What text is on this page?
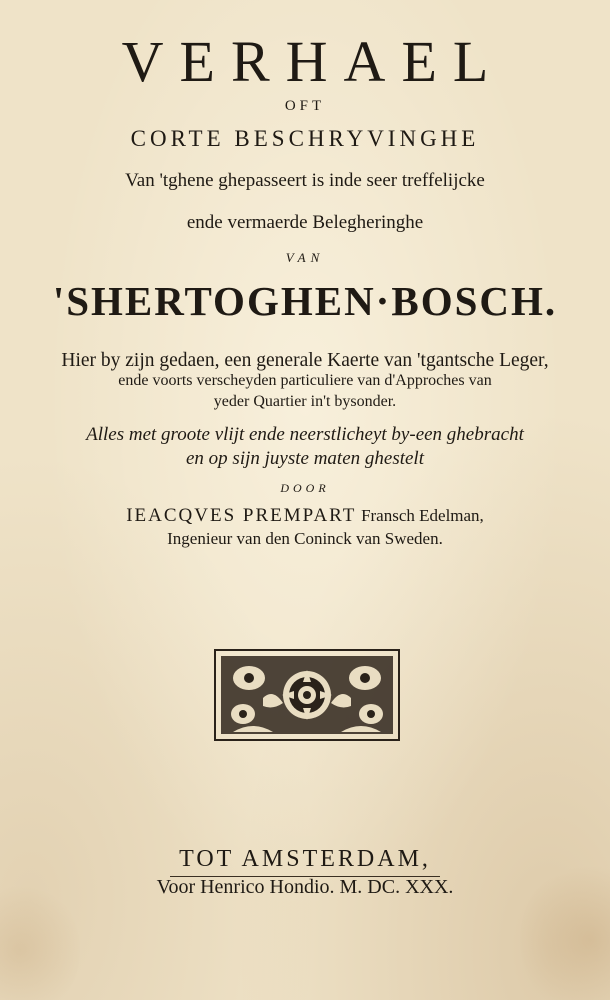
VERHAEL
OFT
CORTE BESCHRYVINGHE
Van 'tghene ghepasseert is inde seer treffelijcke
ende vermaerde Belegheringhe
VAN
'SHERTOGHEN·BOSCH.
Hier by zijn gedaen, een generale Kaerte van 'tgantsche Leger,
ende voorts verscheyden particuliere van d'Approches van
yeder Quartier in't bysonder.
Alles met groote vlijt ende neerstlicheyt by-een ghebracht
en op sijn juyste maten ghestelt
DOOR
IEACQVES PREMPART Fransch Edelman,
Ingenieur van den Coninck van Sweden.
TOT AMSTERDAM,
Voor Henrico Hondio. M. DC. XXX.
